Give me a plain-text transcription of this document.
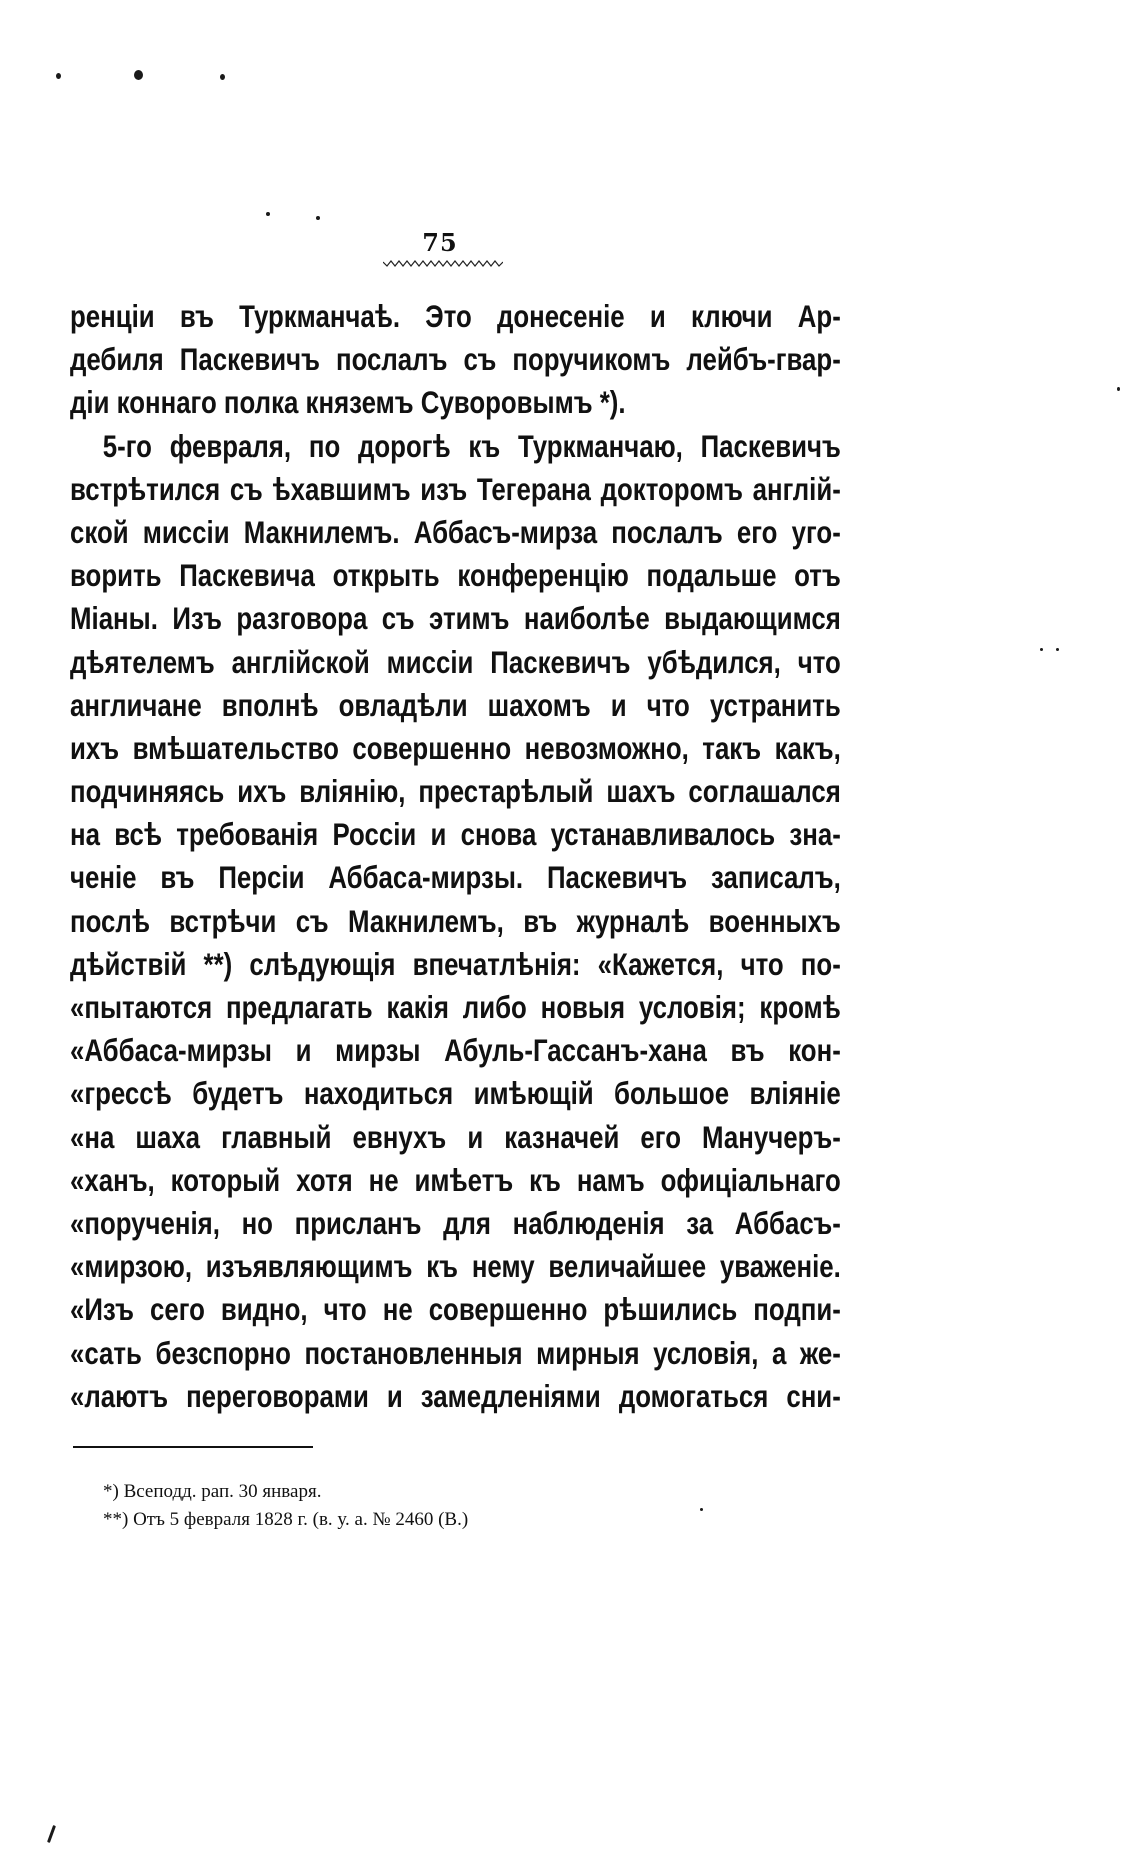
75
ренціи въ Туркманчаѣ. Это донесеніе и ключи Ар-
дебиля Паскевичъ послалъ съ поручикомъ лейбъ-гвар-
діи коннаго полка княземъ Суворовымъ *).
5-го февраля, по дорогѣ къ Туркманчаю, Паскевичъ
встрѣтился съ ѣхавшимъ изъ Тегерана докторомъ англій-
ской миссіи Макнилемъ. Аббасъ-мирза послалъ его уго-
ворить Паскевича открыть конференцію подальше отъ
Міаны. Изъ разговора съ этимъ наиболѣе выдающимся
дѣятелемъ англійской миссіи Паскевичъ убѣдился, что
англичане вполнѣ овладѣли шахомъ и что устранить
ихъ вмѣшательство совершенно невозможно, такъ какъ,
подчиняясь ихъ вліянію, престарѣлый шахъ соглашался
на всѣ требованія Россіи и снова устанавливалось зна-
ченіе въ Персіи Аббаса-мирзы. Паскевичъ записалъ,
послѣ встрѣчи съ Макнилемъ, въ журналѣ военныхъ
дѣйствій **) слѣдующія впечатлѣнія: «Кажется, что по-
«пытаются предлагать какія либо новыя условія; кромѣ
«Аббаса-мирзы и мирзы Абуль-Гассанъ-хана въ кон-
«грессѣ будетъ находиться имѣющій большое вліяніе
«на шаха главный евнухъ и казначей его Манучеръ-
«ханъ, который хотя не имѣетъ къ намъ офиціальнаго
«порученія, но присланъ для наблюденія за Аббасъ-
«мирзою, изъявляющимъ къ нему величайшее уваженіе.
«Изъ сего видно, что не совершенно рѣшились подпи-
«сать безспорно постановленныя мирныя условія, а же-
«лаютъ переговорами и замедленіями домогаться сни-
*) Всеподд. рап. 30 января.
**) Отъ 5 февраля 1828 г. (в. у. а. № 2460 (В.)
